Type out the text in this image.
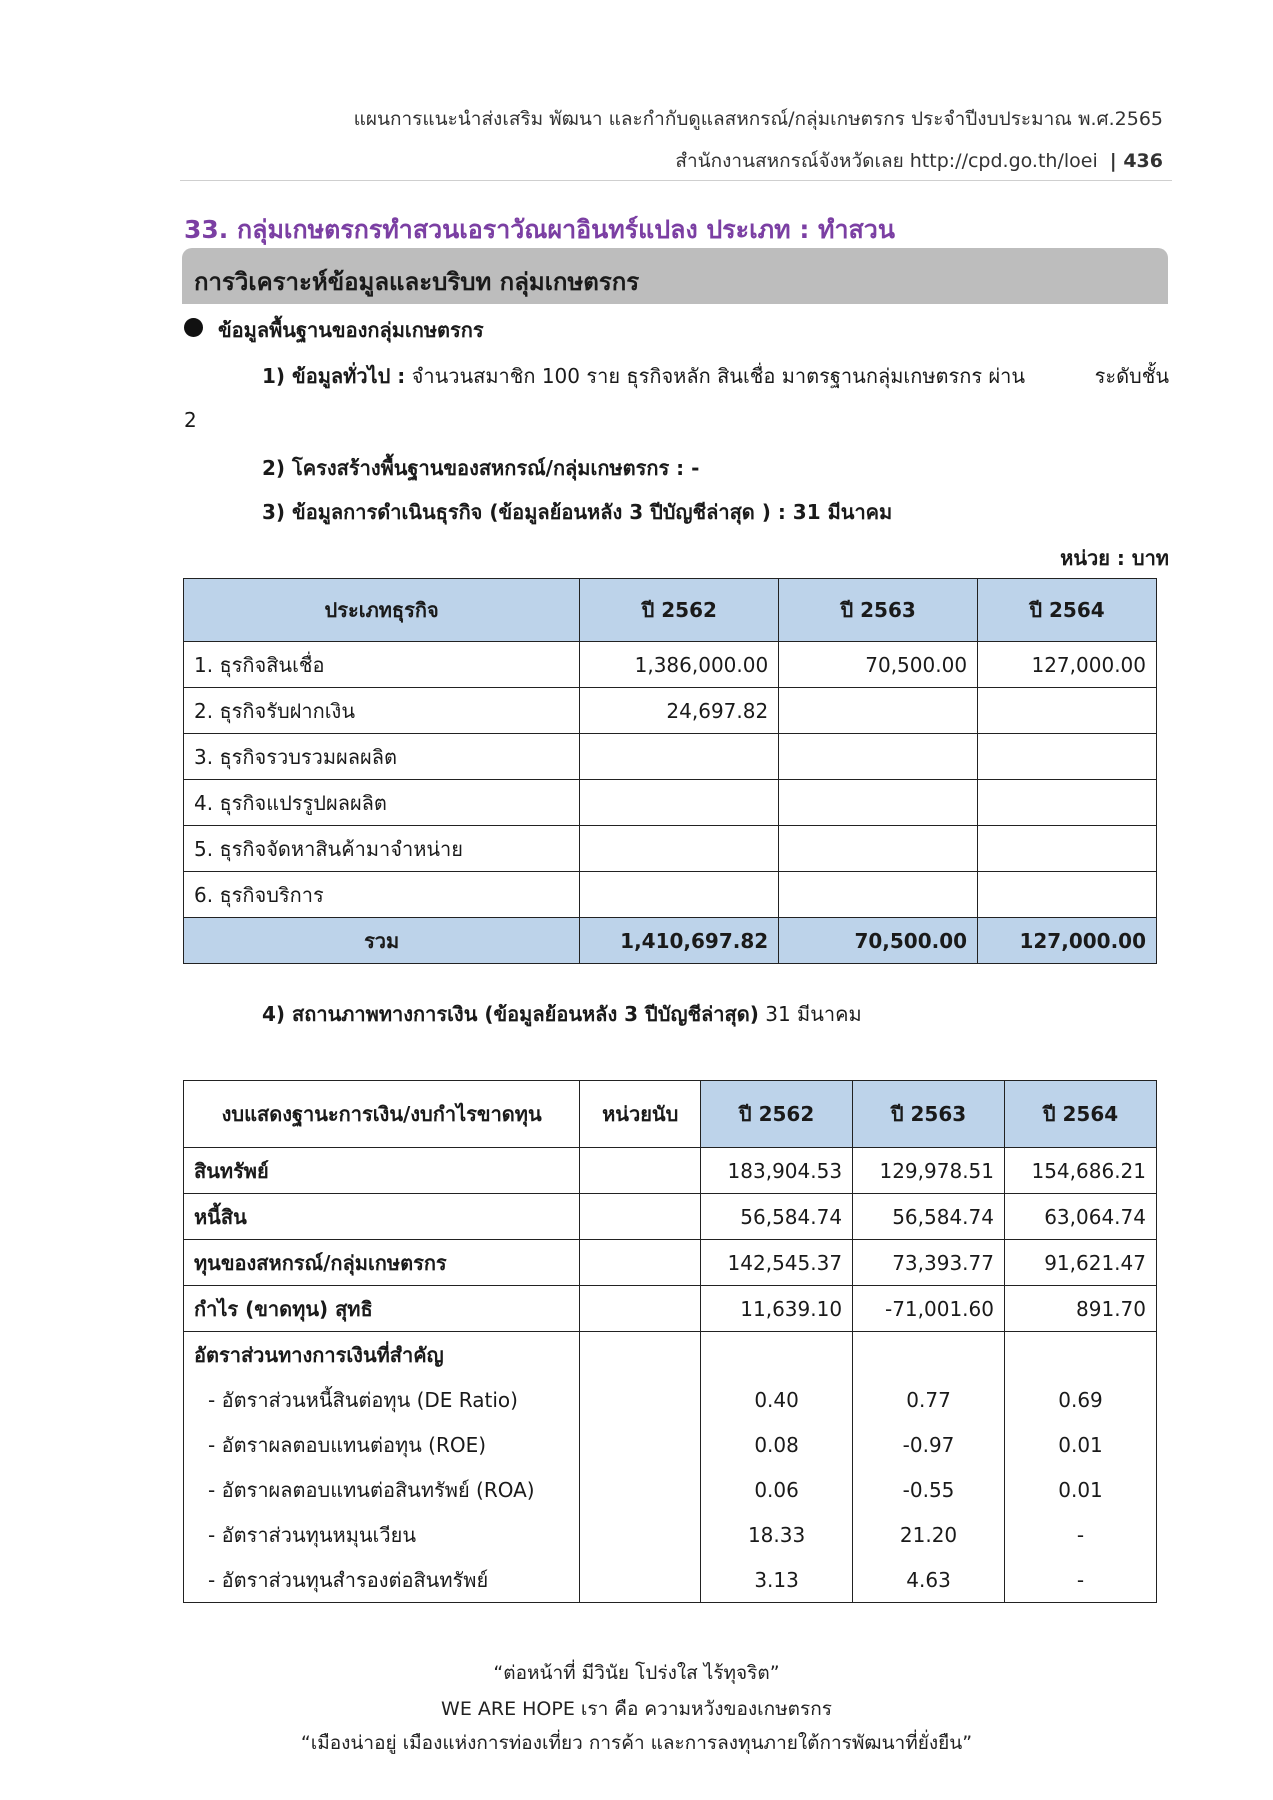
แผนการแนะนำส่งเสริม พัฒนา และกำกับดูแลสหกรณ์/กลุ่มเกษตรกร ประจำปีงบประมาณ พ.ศ.2565
สำนักงานสหกรณ์จังหวัดเลย http://cpd.go.th/loei | 436
33. กลุ่มเกษตรกรทำสวนเอราวัณผาอินทร์แปลง ประเภท : ทำสวน
การวิเคราะห์ข้อมูลและบริบท กลุ่มเกษตรกร
ข้อมูลพื้นฐานของกลุ่มเกษตรกร
1) ข้อมูลทั่วไป : จำนวนสมาชิก 100 ราย ธุรกิจหลัก สินเชื่อ มาตรฐานกลุ่มเกษตรกร ผ่าน	ระดับชั้น
2
2) โครงสร้างพื้นฐานของสหกรณ์/กลุ่มเกษตรกร : -
3) ข้อมูลการดำเนินธุรกิจ (ข้อมูลย้อนหลัง 3 ปีบัญชีล่าสุด ) : 31 มีนาคม
หน่วย : บาท
ประเภทธุรกิจ	ปี 2562	ปี 2563	ปี 2564
1. ธุรกิจสินเชื่อ	1,386,000.00	70,500.00	127,000.00
2. ธุรกิจรับฝากเงิน	24,697.82		
3. ธุรกิจรวบรวมผลผลิต			
4. ธุรกิจแปรรูปผลผลิต			
5. ธุรกิจจัดหาสินค้ามาจำหน่าย			
6. ธุรกิจบริการ			
รวม	1,410,697.82	70,500.00	127,000.00
4) สถานภาพทางการเงิน (ข้อมูลย้อนหลัง 3 ปีบัญชีล่าสุด) 31 มีนาคม
งบแสดงฐานะการเงิน/งบกำไรขาดทุน	หน่วยนับ	ปี 2562	ปี 2563	ปี 2564
สินทรัพย์		183,904.53	129,978.51	154,686.21
หนี้สิน		56,584.74	56,584.74	63,064.74
ทุนของสหกรณ์/กลุ่มเกษตรกร		142,545.37	73,393.77	91,621.47
กำไร (ขาดทุน) สุทธิ		11,639.10	-71,001.60	891.70
อัตราส่วนทางการเงินที่สำคัญ				
- อัตราส่วนหนี้สินต่อทุน (DE Ratio)		0.40	0.77	0.69
- อัตราผลตอบแทนต่อทุน (ROE)		0.08	-0.97	0.01
- อัตราผลตอบแทนต่อสินทรัพย์ (ROA)		0.06	-0.55	0.01
- อัตราส่วนทุนหมุนเวียน		18.33	21.20	-
- อัตราส่วนทุนสำรองต่อสินทรัพย์		3.13	4.63	-
“ต่อหน้าที่ มีวินัย โปร่งใส ไร้ทุจริต”
WE ARE HOPE เรา คือ ความหวังของเกษตรกร
“เมืองน่าอยู่ เมืองแห่งการท่องเที่ยว การค้า และการลงทุนภายใต้การพัฒนาที่ยั่งยืน”
